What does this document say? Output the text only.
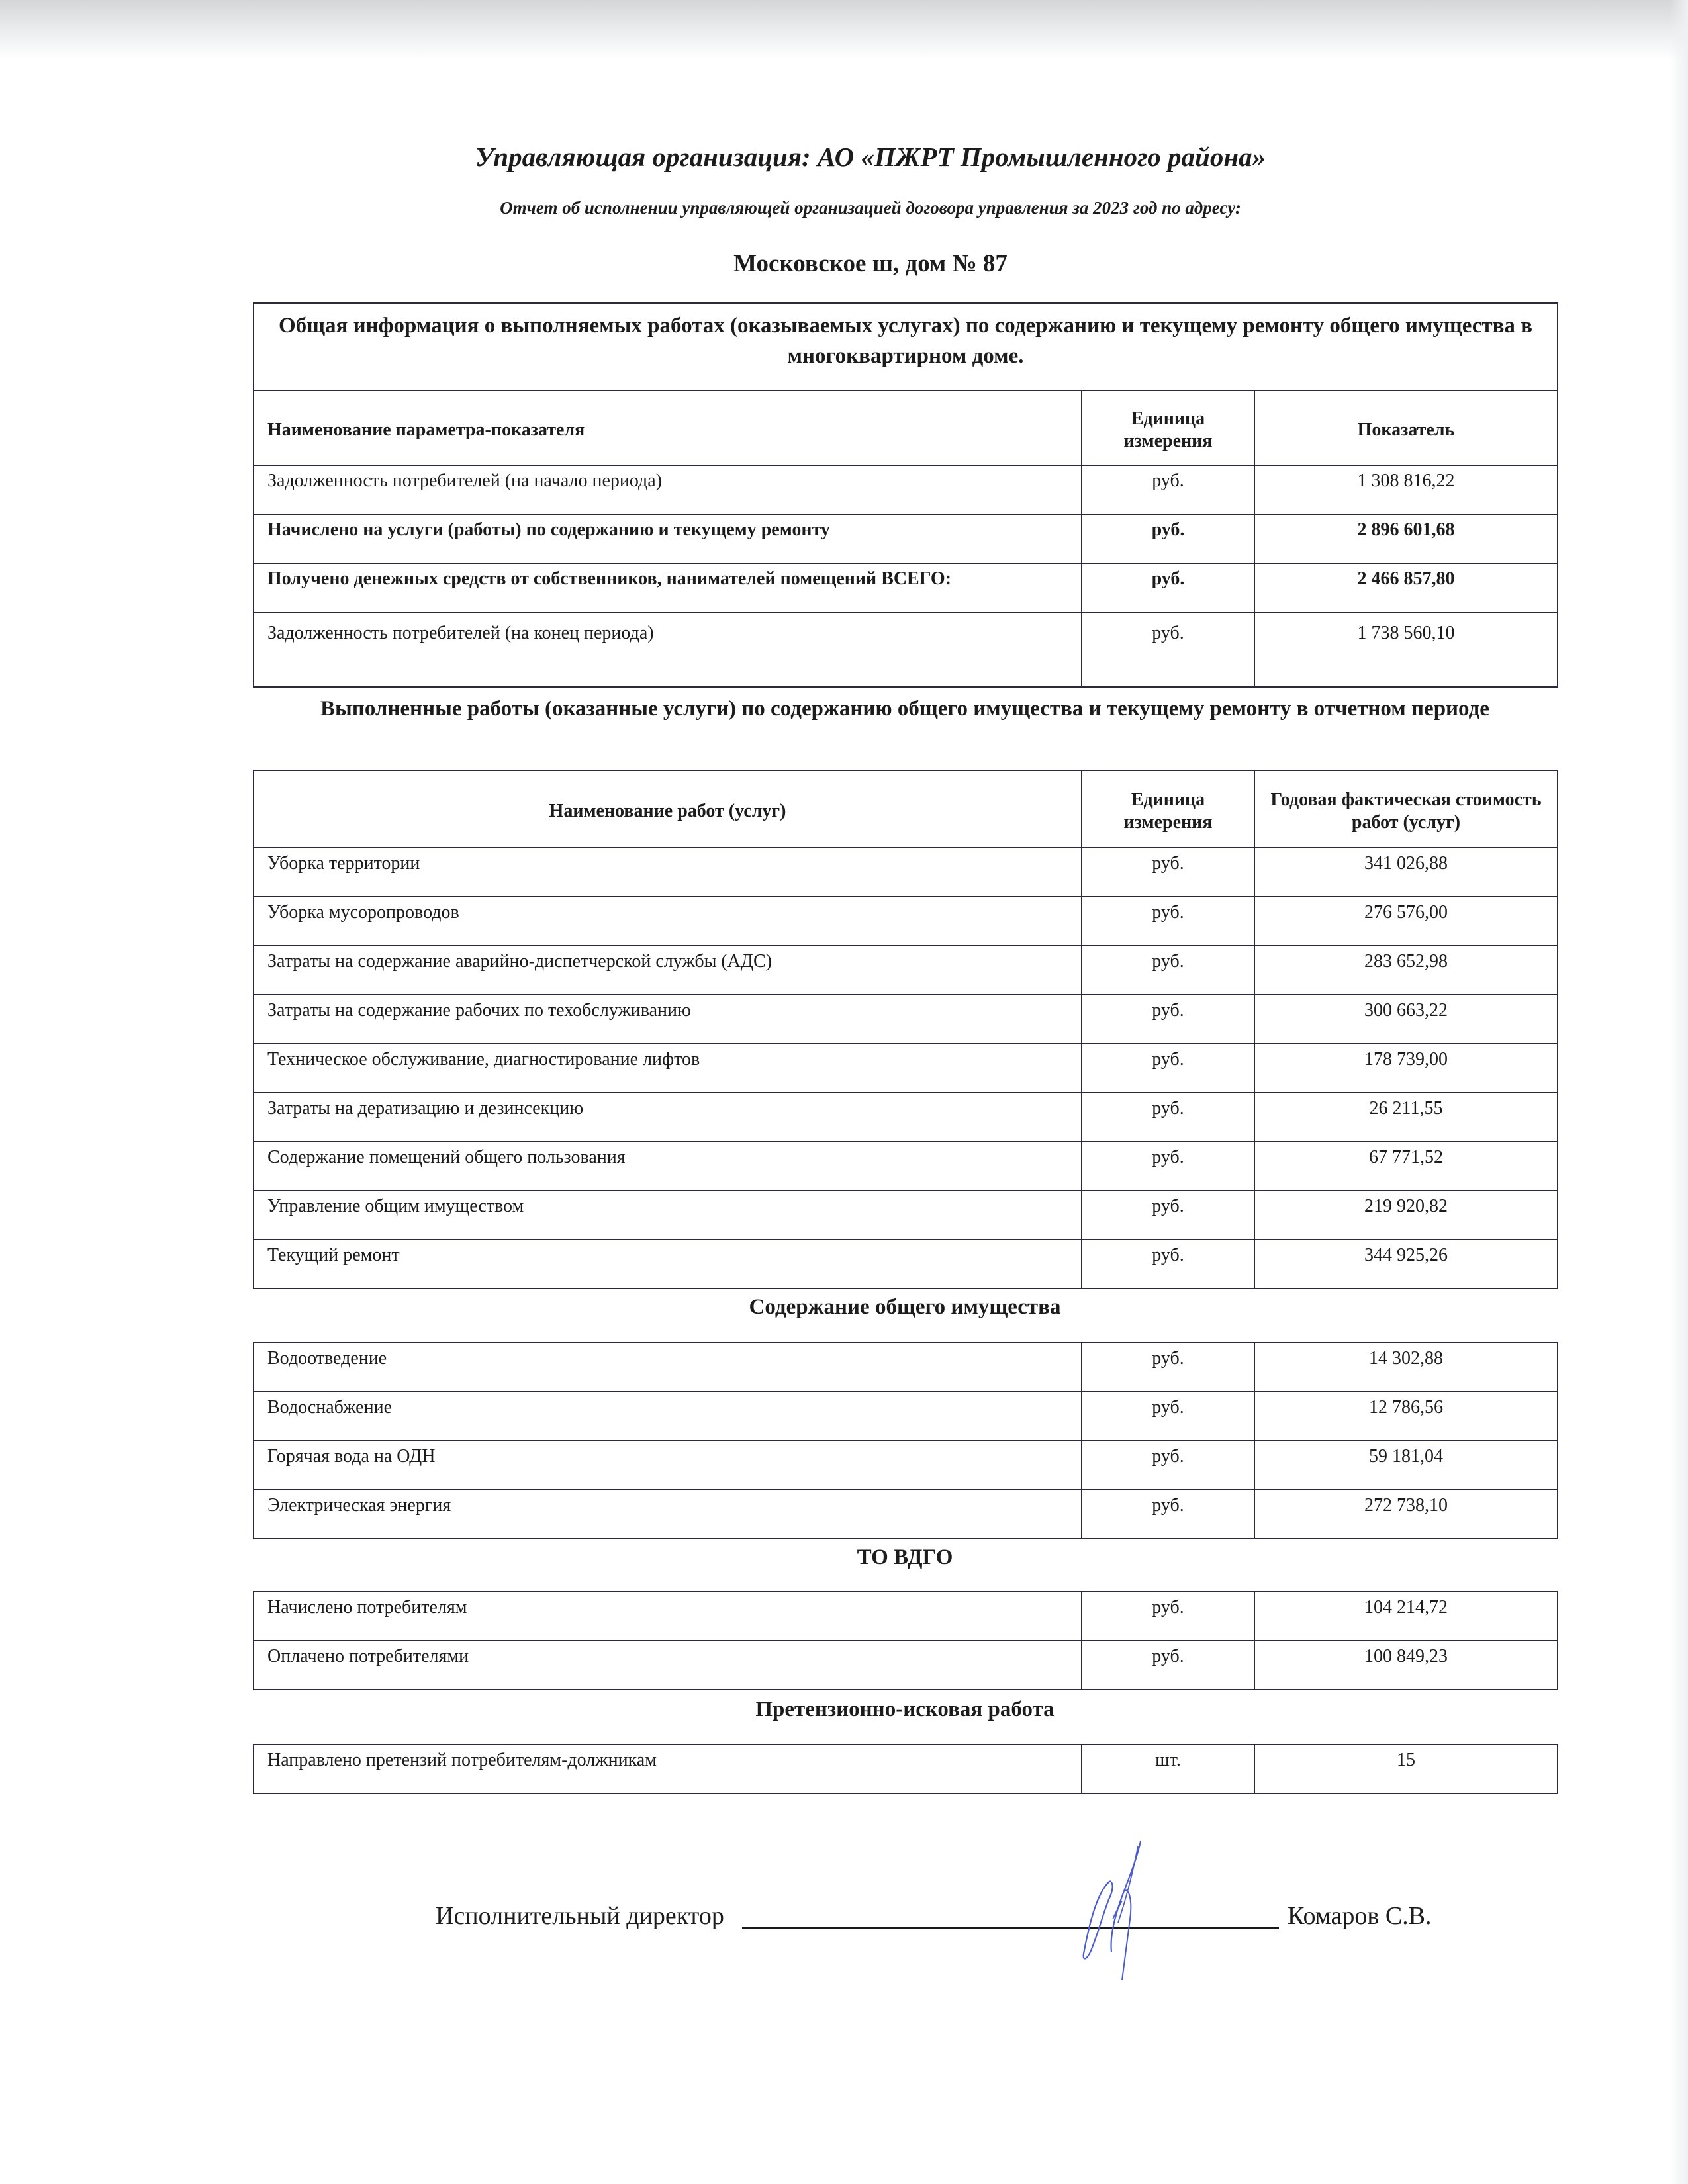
Управляющая организация: АО «ПЖРТ Промышленного района»
Отчет об исполнении управляющей организацией договора управления за 2023 год по адресу:
Московское ш, дом № 87
Общая информация о выполняемых работах (оказываемых услугах) по содержанию и текущему ремонту общего имущества в многоквартирном доме.		
Наименование параметра-показателя	Единица измерения	Показатель
Задолженность потребителей (на начало периода)	руб.	1 308 816,22
Начислено на услуги (работы) по содержанию и текущему ремонту	руб.	2 896 601,68
Получено денежных средств от собственников, нанимателей помещений ВСЕГО:	руб.	2 466 857,80
Задолженность потребителей (на конец периода)	руб.	1 738 560,10
Выполненные работы (оказанные услуги) по содержанию общего имущества и текущему ремонту в отчетном периоде
Наименование работ (услуг)	Единица измерения	Годовая фактическая стоимость работ (услуг)
Уборка территории	руб.	341 026,88
Уборка мусоропроводов	руб.	276 576,00
Затраты на содержание аварийно-диспетчерской службы (АДС)	руб.	283 652,98
Затраты на содержание рабочих по техобслуживанию	руб.	300 663,22
Техническое обслуживание, диагностирование лифтов	руб.	178 739,00
Затраты на дератизацию и дезинсекцию	руб.	26 211,55
Содержание помещений общего пользования	руб.	67 771,52
Управление общим имуществом	руб.	219 920,82
Текущий ремонт	руб.	344 925,26
Содержание общего имущества
Водоотведение	руб.	14 302,88
Водоснабжение	руб.	12 786,56
Горячая вода на ОДН	руб.	59 181,04
Электрическая энергия	руб.	272 738,10
ТО ВДГО
Начислено потребителям	руб.	104 214,72
Оплачено потребителями	руб.	100 849,23
Претензионно-исковая работа
Направлено претензий потребителям-должникам	шт.	15
Исполнительный директор	Комаров С.В.
